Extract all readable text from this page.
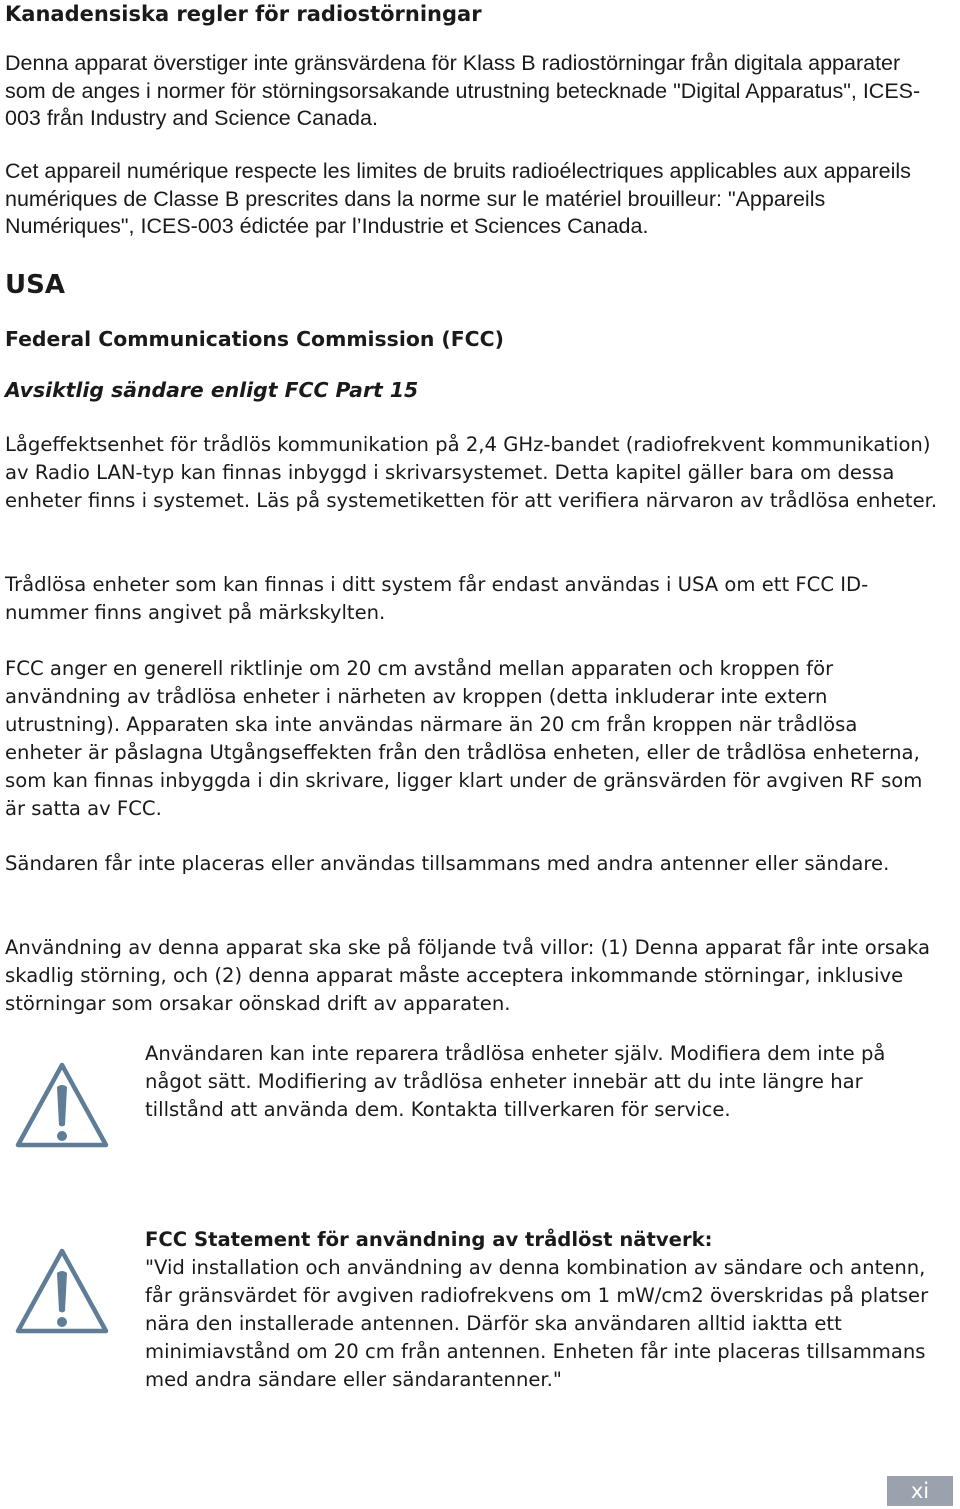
Kanadensiska regler för radiostörningar

Denna apparat överstiger inte gränsvärdena för Klass B radiostörningar från digitala apparater som de anges i normer för störningsorsakande utrustning betecknade "Digital Apparatus", ICES-003 från Industry and Science Canada.

Cet appareil numérique respecte les limites de bruits radioélectriques applicables aux appareils numériques de Classe B prescrites dans la norme sur le matériel brouilleur: "Appareils Numériques", ICES-003 édictée par l’Industrie et Sciences Canada.

USA
Federal Communications Commission (FCC)
Avsiktlig sändare enligt FCC Part 15

Lågeffektsenhet för trådlös kommunikation på 2,4 GHz-bandet (radiofrekvent kommunikation) av Radio LAN-typ kan finnas inbyggd i skrivarsystemet. Detta kapitel gäller bara om dessa enheter finns i systemet. Läs på systemetiketten för att verifiera närvaron av trådlösa enheter.

Trådlösa enheter som kan finnas i ditt system får endast användas i USA om ett FCC ID-nummer finns angivet på märkskylten.

FCC anger en generell riktlinje om 20 cm avstånd mellan apparaten och kroppen för användning av trådlösa enheter i närheten av kroppen (detta inkluderar inte extern utrustning). Apparaten ska inte användas närmare än 20 cm från kroppen när trådlösa enheter är påslagna Utgångseffekten från den trådlösa enheten, eller de trådlösa enheterna, som kan finnas inbyggda i din skrivare, ligger klart under de gränsvärden för avgiven RF som är satta av FCC.

Sändaren får inte placeras eller användas tillsammans med andra antenner eller sändare.

Användning av denna apparat ska ske på följande två villor: (1) Denna apparat får inte orsaka skadlig störning, och (2) denna apparat måste acceptera inkommande störningar, inklusive störningar som orsakar oönskad drift av apparaten.

Användaren kan inte reparera trådlösa enheter själv. Modifiera dem inte på något sätt. Modifiering av trådlösa enheter innebär att du inte längre har tillstånd att använda dem. Kontakta tillverkaren för service.

FCC Statement för användning av trådlöst nätverk:
"Vid installation och användning av denna kombination av sändare och antenn, får gränsvärdet för avgiven radiofrekvens om 1 mW/cm2 överskridas på platser nära den installerade antennen. Därför ska användaren alltid iaktta ett minimiavstånd om 20 cm från antennen. Enheten får inte placeras tillsammans med andra sändare eller sändarantenner."
xi
